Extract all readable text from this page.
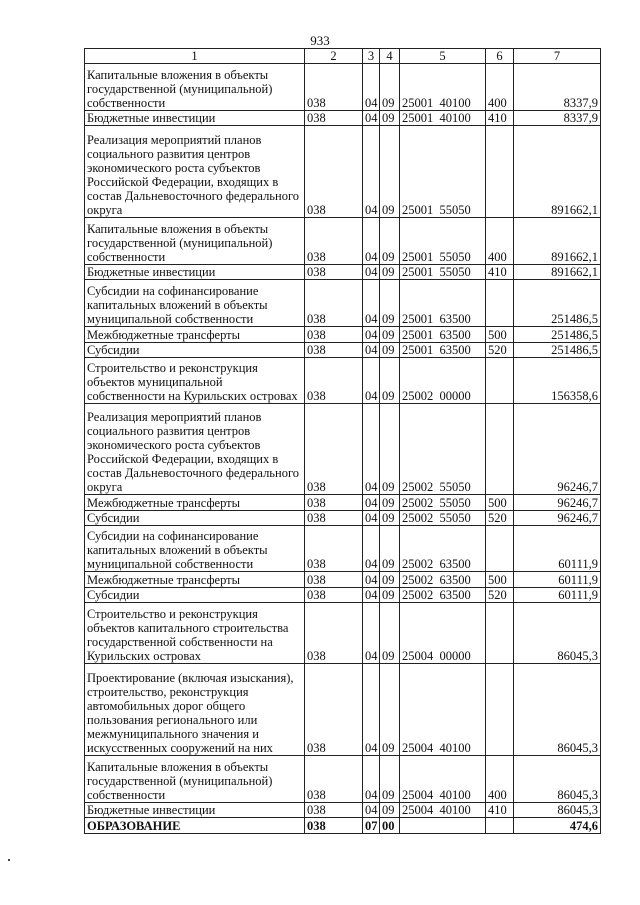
933
1	2	3	4	5	6	7
Капитальные вложения в объекты государственной (муниципальной) собственности	038	04	09	25001  40100	400	8337,9
Бюджетные инвестиции	038	04	09	25001  40100	410	8337,9
Реализация мероприятий планов социального развития центров экономического роста субъектов Российской Федерации, входящих в состав Дальневосточного федерального округа	038	04	09	25001  55050		891662,1
Капитальные вложения в объекты государственной (муниципальной) собственности	038	04	09	25001  55050	400	891662,1
Бюджетные инвестиции	038	04	09	25001  55050	410	891662,1
Субсидии на софинансирование капитальных вложений в объекты муниципальной собственности	038	04	09	25001  63500		251486,5
Межбюджетные трансферты	038	04	09	25001  63500	500	251486,5
Субсидии	038	04	09	25001  63500	520	251486,5
Строительство и реконструкция объектов муниципальной собственности на Курильских островах	038	04	09	25002  00000		156358,6
Реализация мероприятий планов социального развития центров экономического роста субъектов Российской Федерации, входящих в состав Дальневосточного федерального округа	038	04	09	25002  55050		96246,7
Межбюджетные трансферты	038	04	09	25002  55050	500	96246,7
Субсидии	038	04	09	25002  55050	520	96246,7
Субсидии на софинансирование капитальных вложений в объекты муниципальной собственности	038	04	09	25002  63500		60111,9
Межбюджетные трансферты	038	04	09	25002  63500	500	60111,9
Субсидии	038	04	09	25002  63500	520	60111,9
Строительство и реконструкция объектов капитального строительства государственной собственности на Курильских островах	038	04	09	25004  00000		86045,3
Проектирование (включая изыскания), строительство, реконструкция автомобильных дорог общего пользования регионального или межмуниципального значения и искусственных сооружений на них	038	04	09	25004  40100		86045,3
Капитальные вложения в объекты государственной (муниципальной) собственности	038	04	09	25004  40100	400	86045,3
Бюджетные инвестиции	038	04	09	25004  40100	410	86045,3
ОБРАЗОВАНИЕ	038	07	00			474,6
